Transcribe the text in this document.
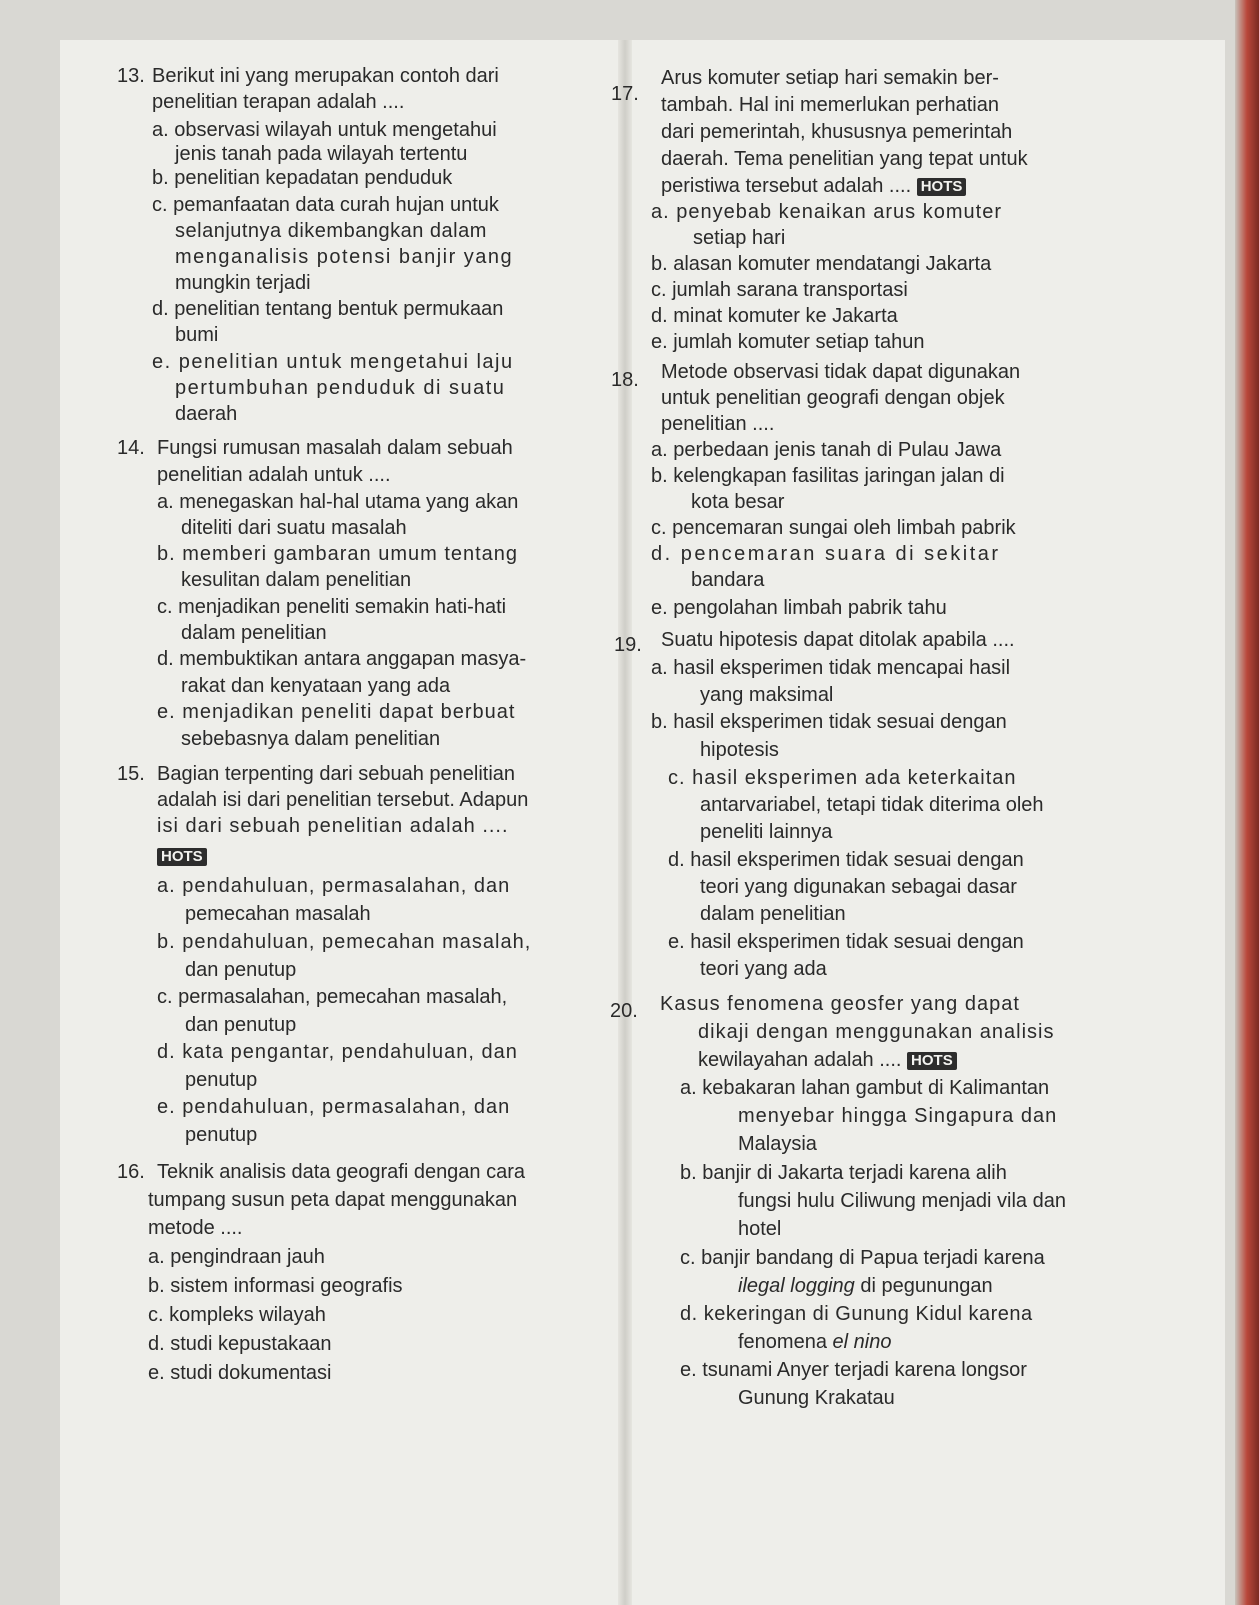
13. Berikut ini yang merupakan contoh dari
penelitian terapan adalah ....
a. observasi wilayah untuk mengetahui
jenis tanah pada wilayah tertentu
b. penelitian kepadatan penduduk
c. pemanfaatan data curah hujan untuk
selanjutnya dikembangkan dalam
menganalisis potensi banjir yang
mungkin terjadi
d. penelitian tentang bentuk permukaan
bumi
e. penelitian untuk mengetahui laju
pertumbuhan penduduk di suatu
daerah
14. Fungsi rumusan masalah dalam sebuah
penelitian adalah untuk ....
a. menegaskan hal-hal utama yang akan
diteliti dari suatu masalah
b. memberi gambaran umum tentang
kesulitan dalam penelitian
c. menjadikan peneliti semakin hati-hati
dalam penelitian
d. membuktikan antara anggapan masya-
rakat dan kenyataan yang ada
e. menjadikan peneliti dapat berbuat
sebebasnya dalam penelitian
15. Bagian terpenting dari sebuah penelitian
adalah isi dari penelitian tersebut. Adapun
isi dari sebuah penelitian adalah ....
HOTS
a. pendahuluan, permasalahan, dan
pemecahan masalah
b. pendahuluan, pemecahan masalah,
dan penutup
c. permasalahan, pemecahan masalah,
dan penutup
d. kata pengantar, pendahuluan, dan
penutup
e. pendahuluan, permasalahan, dan
penutup
16. Teknik analisis data geografi dengan cara
tumpang susun peta dapat menggunakan
metode ....
a. pengindraan jauh
b. sistem informasi geografis
c. kompleks wilayah
d. studi kepustakaan
e. studi dokumentasi
17.
Arus komuter setiap hari semakin ber-
tambah. Hal ini memerlukan perhatian
dari pemerintah, khususnya pemerintah
daerah. Tema penelitian yang tepat untuk
peristiwa tersebut adalah .... HOTS
a. penyebab kenaikan arus komuter
setiap hari
b. alasan komuter mendatangi Jakarta
c. jumlah sarana transportasi
d. minat komuter ke Jakarta
e. jumlah komuter setiap tahun
18. Metode observasi tidak dapat digunakan
untuk penelitian geografi dengan objek
penelitian ....
a. perbedaan jenis tanah di Pulau Jawa
b. kelengkapan fasilitas jaringan jalan di
kota besar
c. pencemaran sungai oleh limbah pabrik
d. pencemaran suara di sekitar
bandara
e. pengolahan limbah pabrik tahu
19. Suatu hipotesis dapat ditolak apabila ....
a. hasil eksperimen tidak mencapai hasil
yang maksimal
b. hasil eksperimen tidak sesuai dengan
hipotesis
c. hasil eksperimen ada keterkaitan
antarvariabel, tetapi tidak diterima oleh
peneliti lainnya
d. hasil eksperimen tidak sesuai dengan
teori yang digunakan sebagai dasar
dalam penelitian
e. hasil eksperimen tidak sesuai dengan
teori yang ada
20. Kasus fenomena geosfer yang dapat
dikaji dengan menggunakan analisis
kewilayahan adalah .... HOTS
a. kebakaran lahan gambut di Kalimantan
menyebar hingga Singapura dan
Malaysia
b. banjir di Jakarta terjadi karena alih
fungsi hulu Ciliwung menjadi vila dan
hotel
c. banjir bandang di Papua terjadi karena
ilegal logging di pegunungan
d. kekeringan di Gunung Kidul karena
fenomena el nino
e. tsunami Anyer terjadi karena longsor
Gunung Krakatau
